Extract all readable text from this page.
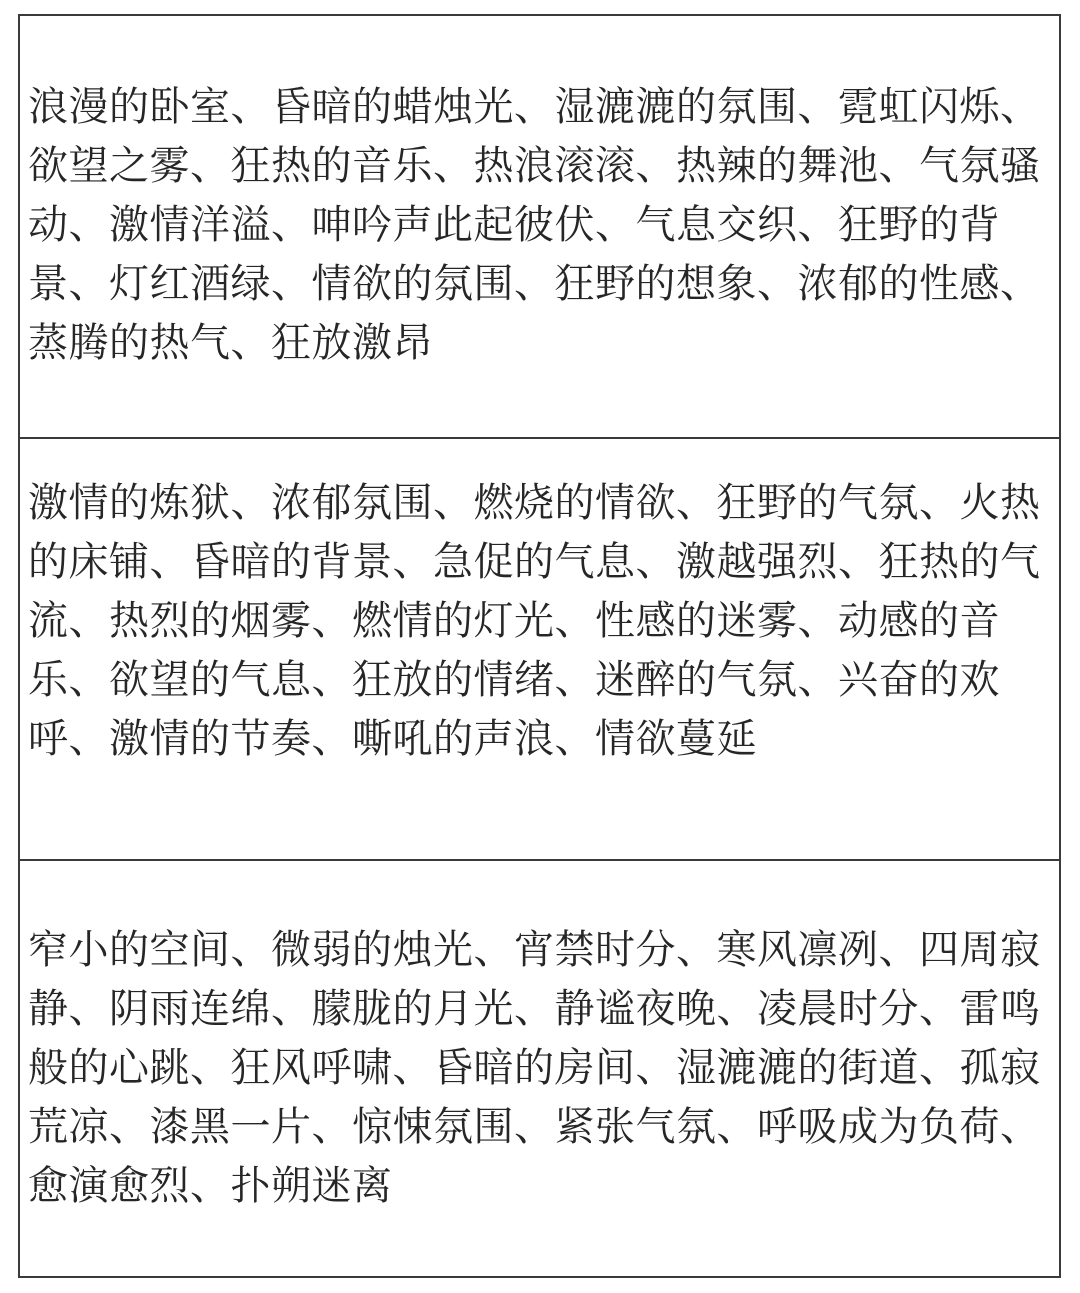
浪漫的卧室、昏暗的蜡烛光、湿漉漉的氛围、霓虹闪烁、欲望之雾、狂热的音乐、热浪滚滚、热辣的舞池、气氛骚动、激情洋溢、呻吟声此起彼伏、气息交织、狂野的背景、灯红酒绿、情欲的氛围、狂野的想象、浓郁的性感、蒸腾的热气、狂放激昂
激情的炼狱、浓郁氛围、燃烧的情欲、狂野的气氛、火热的床铺、昏暗的背景、急促的气息、激越强烈、狂热的气流、热烈的烟雾、燃情的灯光、性感的迷雾、动感的音乐、欲望的气息、狂放的情绪、迷醉的气氛、兴奋的欢呼、激情的节奏、嘶吼的声浪、情欲蔓延
窄小的空间、微弱的烛光、宵禁时分、寒风凛冽、四周寂静、阴雨连绵、朦胧的月光、静谧夜晚、凌晨时分、雷鸣般的心跳、狂风呼啸、昏暗的房间、湿漉漉的街道、孤寂荒凉、漆黑一片、惊悚氛围、紧张气氛、呼吸成为负荷、愈演愈烈、扑朔迷离
